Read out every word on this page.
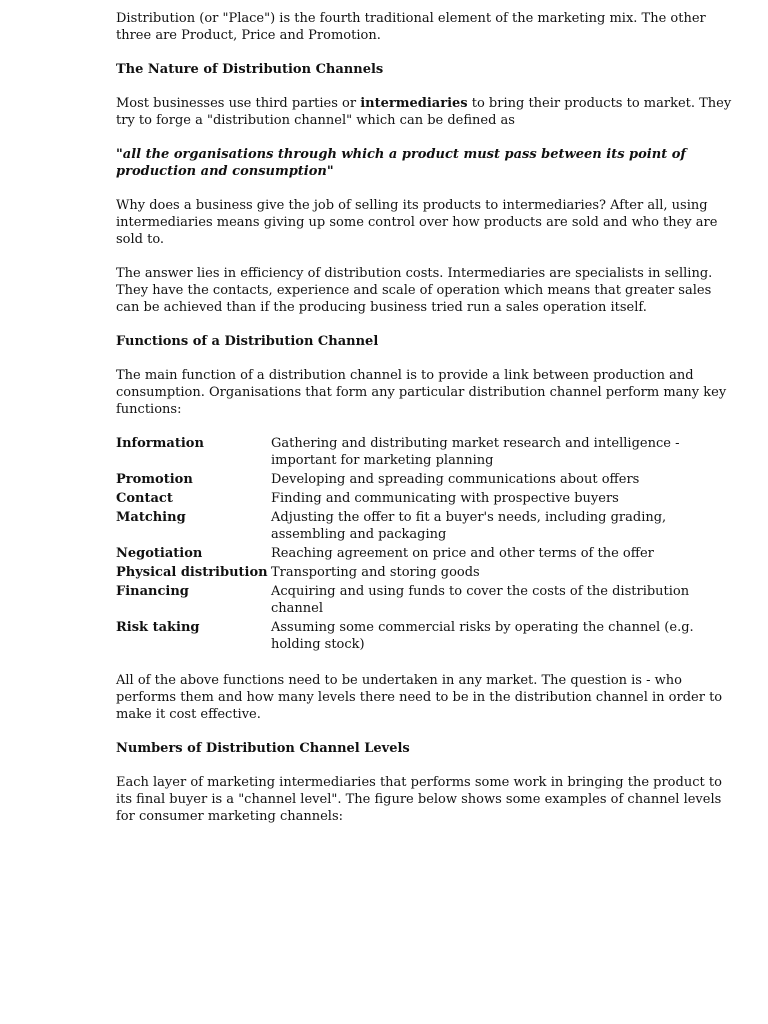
Distribution (or "Place") is the fourth traditional element of the marketing mix. The other three are Product, Price and Promotion.

The Nature of Distribution Channels

Most businesses use third parties or intermediaries to bring their products to market. They try to forge a "distribution channel" which can be defined as

"all the organisations through which a product must pass between its point of production and consumption"

Why does a business give the job of selling its products to intermediaries? After all, using intermediaries means giving up some control over how products are sold and who they are sold to.

The answer lies in efficiency of distribution costs. Intermediaries are specialists in selling. They have the contacts, experience and scale of operation which means that greater sales can be achieved than if the producing business tried run a sales operation itself.

Functions of a Distribution Channel

The main function of a distribution channel is to provide a link between production and consumption. Organisations that form any particular distribution channel perform many key functions:

Information	Gathering and distributing market research and intelligence - important for marketing planning
Promotion	Developing and spreading communications about offers
Contact	Finding and communicating with prospective buyers
Matching	Adjusting the offer to fit a buyer's needs, including grading, assembling and packaging
Negotiation	Reaching agreement on price and other terms of the offer
Physical distribution	Transporting and storing goods
Financing	Acquiring and using funds to cover the costs of the distribution channel
Risk taking	Assuming some commercial risks by operating the channel (e.g. holding stock)

All of the above functions need to be undertaken in any market. The question is - who performs them and how many levels there need to be in the distribution channel in order to make it cost effective.

Numbers of Distribution Channel Levels

Each layer of marketing intermediaries that performs some work in bringing the product to its final buyer is a "channel level". The figure below shows some examples of channel levels for consumer marketing channels:
